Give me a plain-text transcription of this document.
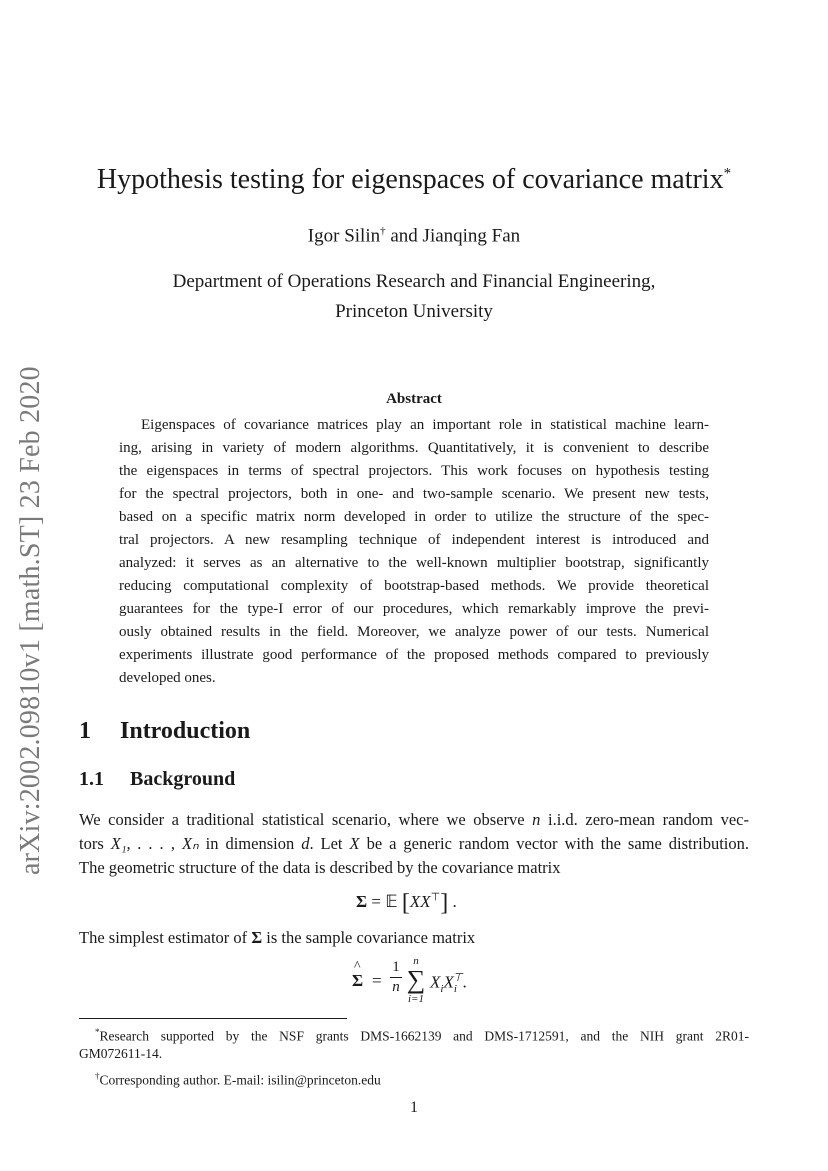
arXiv:2002.09810v1 [math.ST] 23 Feb 2020
Hypothesis testing for eigenspaces of covariance matrix*
Igor Silin† and Jianqing Fan
Department of Operations Research and Financial Engineering,
Princeton University
Abstract
Eigenspaces of covariance matrices play an important role in statistical machine learn-
ing, arising in variety of modern algorithms. Quantitatively, it is convenient to describe
the eigenspaces in terms of spectral projectors. This work focuses on hypothesis testing
for the spectral projectors, both in one- and two-sample scenario. We present new tests,
based on a specific matrix norm developed in order to utilize the structure of the spec-
tral projectors. A new resampling technique of independent interest is introduced and
analyzed: it serves as an alternative to the well-known multiplier bootstrap, significantly
reducing computational complexity of bootstrap-based methods. We provide theoretical
guarantees for the type-I error of our procedures, which remarkably improve the previ-
ously obtained results in the field. Moreover, we analyze power of our tests. Numerical
experiments illustrate good performance of the proposed methods compared to previously
developed ones.
1 Introduction
1.1 Background
We consider a traditional statistical scenario, where we observe n i.i.d. zero-mean random vec-
tors X₁, . . . , Xₙ in dimension d. Let X be a generic random vector with the same distribution.
The geometric structure of the data is described by the covariance matrix
Σ = 𝔼 [XX⊤] .
The simplest estimator of Σ is the sample covariance matrix
^
Σ =
1
n
n
∑
i=1
$X_iX_i^⊤$.
*Research supported by the NSF grants DMS-1662139 and DMS-1712591, and the NIH grant 2R01-
GM072611-14.
†Corresponding author. E-mail: isilin@princeton.edu
1
